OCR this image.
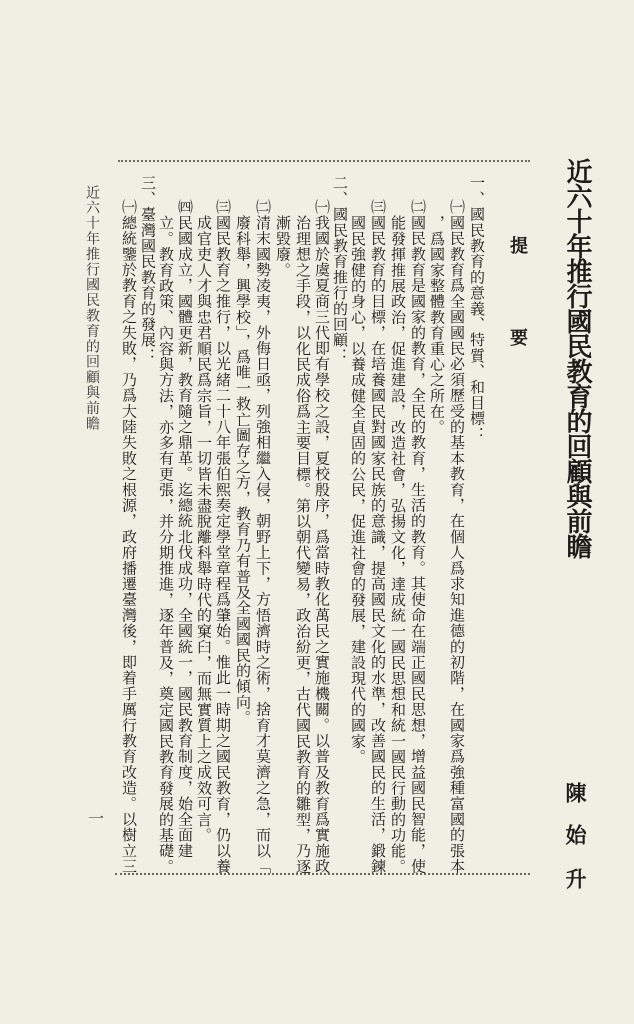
近六十年推行國民教育的回顧與前瞻
提
要
陳
始
升
一、國民教育的意義、特質、和目標：
㈠國民教育爲全國國民必須歷受的基本教育，在個人爲求知進德的初階，在國家爲強種富國的張本
，爲國家整體教育重心之所在。
㈡國民教育是國家的教育，全民的教育，生活的教育。其使命在端正國民思想，增益國民智能，使
能發揮推展政治，促進建設，改造社會，弘揚文化，達成統一國民思想和統一國民行動的功能。
㈢國民教育的目標，在培養國民對國家民族的意識，提高國民文化的水準，改善國民的生活，鍛鍊
國民強健的身心，以養成健全貞固的公民，促進社會的發展，建設現代的國家。
二、國民教育推行的回顧：
㈠我國於虞夏商三代即有學校之設，夏校殷序，爲當時教化萬民之實施機關。以普及教育爲實施政
治理想之手段，以化民成俗爲主要目標。第以朝代變易，政治紛更，古代國民教育的雛型，乃逐
漸毀廢。
㈡清末國勢凌夷，外侮日亟，列強相繼入侵，朝野上下，方悟濟時之術，捨育才莫濟之急，而以「
廢科舉，興學校」，爲唯一救亡圖存之方，教育乃有普及全國國民的傾向。
㈢國民教育之推行，以光緒二十八年張伯熙奏定學堂章程爲肇始。惟此一時期之國民教育，仍以養
成官吏人才與忠君順民爲宗旨，一切皆未盡脫離科舉時代的窠臼，而無實質上之成效可言。
㈣民國成立，國體更新，教育隨之鼎革。迄總統北伐成功，全國統一，國民教育制度，始全面建
立。教育政策、內容與方法，亦多有更張，并分期推進，逐年普及，奠定國民教育發展的基礎。
三、臺灣國民教育的發展：
㈠總統鑒於教育之失敗，乃爲大陸失敗之根源，政府播遷臺灣後，即着手厲行教育改造。以樹立三
近六十年推行國民教育的回顧與前瞻
一
